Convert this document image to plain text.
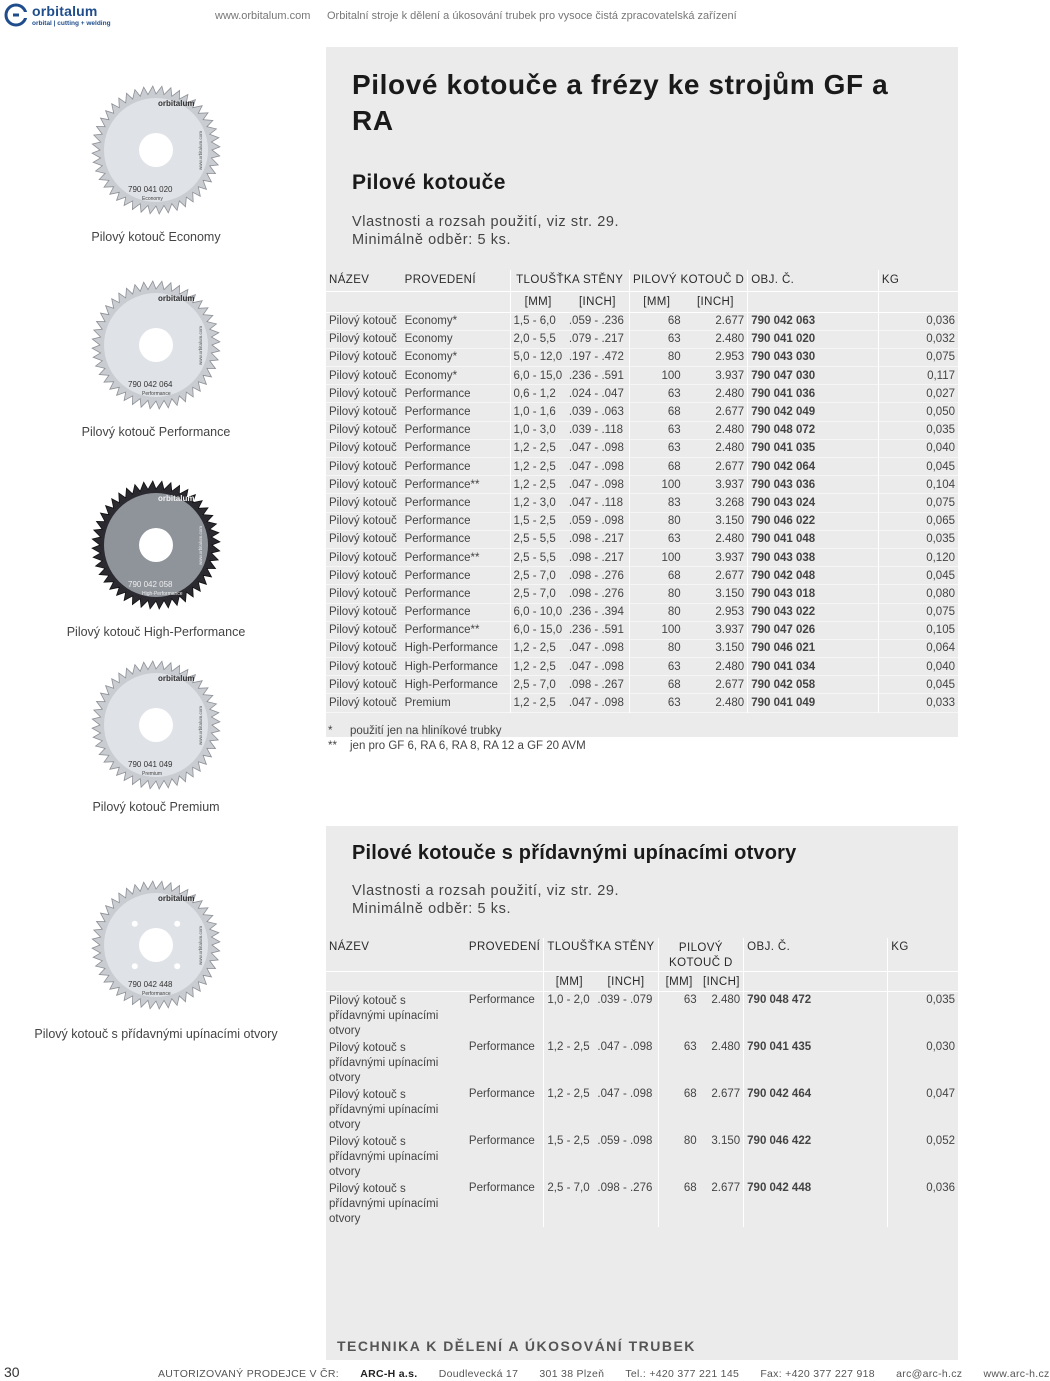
orbitalum
orbital | cutting + welding
www.orbitalum.com Orbitalní stroje k dělení a úkosování trubek pro vysoce čistá zpracovatelská zařízení
orbitalum
790 041 020
Economy
www.orbitalum.com
Pilový kotouč Economy
orbitalum
790 042 064
Performance
www.orbitalum.com
Pilový kotouč Performance
orbitalum
790 042 058
High-Performance
www.orbitalum.com
Pilový kotouč High-Performance
orbitalum
790 041 049
Premium
www.orbitalum.com
Pilový kotouč Premium
orbitalum
790 042 448
Performance
www.orbitalum.com
Pilový kotouč s přídavnými upínacími otvory
Pilové kotouče a frézy ke strojům GF a RA
Pilové kotouče
Vlastnosti a rozsah použití, viz str. 29.
Minimálně odběr: 5 ks.
NÁZEV	PROVEDENÍ	TLOUŠŤKA STĚNY		PILOVÝ KOTOUČ D		OBJ. Č.	KG
		[MM]	[INCH]	[MM]	[INCH]		
Pilový kotouč	Economy*	1,5 - 6,0	.059 - .236	68	2.677	790 042 063	0,036
Pilový kotouč	Economy	2,0 - 5,5	.079 - .217	63	2.480	790 041 020	0,032
Pilový kotouč	Economy*	5,0 - 12,0	.197 - .472	80	2.953	790 043 030	0,075
Pilový kotouč	Economy*	6,0 - 15,0	.236 - .591	100	3.937	790 047 030	0,117
Pilový kotouč	Performance	0,6 - 1,2	.024 - .047	63	2.480	790 041 036	0,027
Pilový kotouč	Performance	1,0 - 1,6	.039 - .063	68	2.677	790 042 049	0,050
Pilový kotouč	Performance	1,0 - 3,0	.039 - .118	63	2.480	790 048 072	0,035
Pilový kotouč	Performance	1,2 - 2,5	.047 - .098	63	2.480	790 041 035	0,040
Pilový kotouč	Performance	1,2 - 2,5	.047 - .098	68	2.677	790 042 064	0,045
Pilový kotouč	Performance**	1,2 - 2,5	.047 - .098	100	3.937	790 043 036	0,104
Pilový kotouč	Performance	1,2 - 3,0	.047 - .118	83	3.268	790 043 024	0,075
Pilový kotouč	Performance	1,5 - 2,5	.059 - .098	80	3.150	790 046 022	0,065
Pilový kotouč	Performance	2,5 - 5,5	.098 - .217	63	2.480	790 041 048	0,035
Pilový kotouč	Performance**	2,5 - 5,5	.098 - .217	100	3.937	790 043 038	0,120
Pilový kotouč	Performance	2,5 - 7,0	.098 - .276	68	2.677	790 042 048	0,045
Pilový kotouč	Performance	2,5 - 7,0	.098 - .276	80	3.150	790 043 018	0,080
Pilový kotouč	Performance	6,0 - 10,0	.236 - .394	80	2.953	790 043 022	0,075
Pilový kotouč	Performance**	6,0 - 15,0	.236 - .591	100	3.937	790 047 026	0,105
Pilový kotouč	High-Performance	1,2 - 2,5	.047 - .098	80	3.150	790 046 021	0,064
Pilový kotouč	High-Performance	1,2 - 2,5	.047 - .098	63	2.480	790 041 034	0,040
Pilový kotouč	High-Performance	2,5 - 7,0	.098 - .267	68	2.677	790 042 058	0,045
Pilový kotouč	Premium	1,2 - 2,5	.047 - .098	63	2.480	790 041 049	0,033
*	použití jen na hliníkové trubky
**	jen pro GF 6, RA 6, RA 8, RA 12 a GF 20 AVM
Pilové kotouče s přídavnými upínacími otvory
Vlastnosti a rozsah použití, viz str. 29.
Minimálně odběr: 5 ks.
NÁZEV	PROVEDENÍ	TLOUŠŤKA STĚNY		PILOVÝ KOTOUČ D		OBJ. Č.	KG
		[MM]	[INCH]	[MM]	[INCH]		
Pilový kotouč s přídavnými upínacími otvory	Performance	1,0 - 2,0	.039 - .079	63	2.480	790 048 472	0,035
Pilový kotouč s přídavnými upínacími otvory	Performance	1,2 - 2,5	.047 - .098	63	2.480	790 041 435	0,030
Pilový kotouč s přídavnými upínacími otvory	Performance	1,2 - 2,5	.047 - .098	68	2.677	790 042 464	0,047
Pilový kotouč s přídavnými upínacími otvory	Performance	1,5 - 2,5	.059 - .098	80	3.150	790 046 422	0,052
Pilový kotouč s přídavnými upínacími otvory	Performance	2,5 - 7,0	.098 - .276	68	2.677	790 042 448	0,036
TECHNIKA K DĚLENÍ A ÚKOSOVÁNÍ TRUBEK
30	AUTORIZOVANÝ PRODEJCE V ČR: ARC-H a.s. Doudlevecká 17 301 38 Plzeň Tel.: +420 377 221 145 Fax: +420 377 227 918 arc@arc-h.cz www.arc-h.cz
